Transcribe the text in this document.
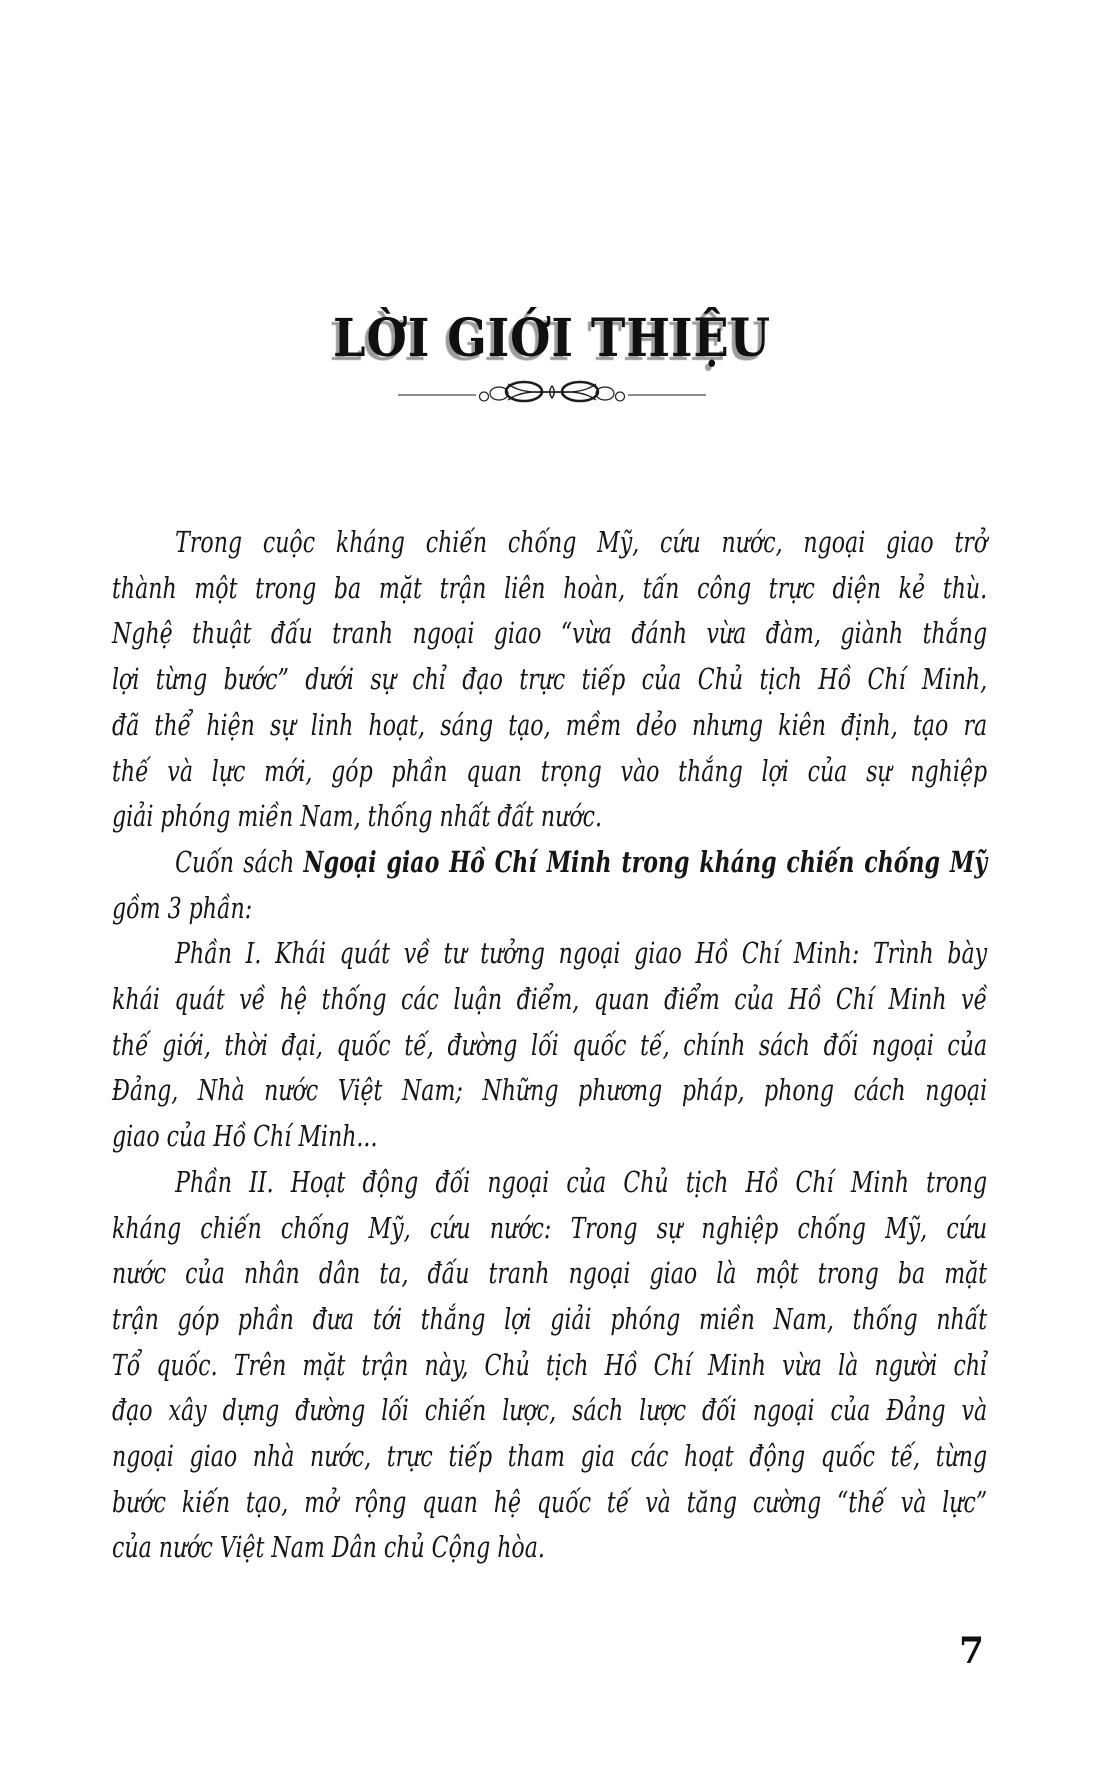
LỜI GIỚI THIỆU
Trong cuộc kháng chiến chống Mỹ, cứu nước, ngoại giao trở
thành một trong ba mặt trận liên hoàn, tấn công trực diện kẻ thù.
Nghệ thuật đấu tranh ngoại giao “vừa đánh vừa đàm, giành thắng
lợi từng bước” dưới sự chỉ đạo trực tiếp của Chủ tịch Hồ Chí Minh,
đã thể hiện sự linh hoạt, sáng tạo, mềm dẻo nhưng kiên định, tạo ra
thế và lực mới, góp phần quan trọng vào thắng lợi của sự nghiệp
giải phóng miền Nam, thống nhất đất nước.
Cuốn sách Ngoại giao Hồ Chí Minh trong kháng chiến chống Mỹ
gồm 3 phần:
Phần I. Khái quát về tư tưởng ngoại giao Hồ Chí Minh: Trình bày
khái quát về hệ thống các luận điểm, quan điểm của Hồ Chí Minh về
thế giới, thời đại, quốc tế, đường lối quốc tế, chính sách đối ngoại của
Đảng, Nhà nước Việt Nam; Những phương pháp, phong cách ngoại
giao của Hồ Chí Minh...
Phần II. Hoạt động đối ngoại của Chủ tịch Hồ Chí Minh trong
kháng chiến chống Mỹ, cứu nước: Trong sự nghiệp chống Mỹ, cứu
nước của nhân dân ta, đấu tranh ngoại giao là một trong ba mặt
trận góp phần đưa tới thắng lợi giải phóng miền Nam, thống nhất
Tổ quốc. Trên mặt trận này, Chủ tịch Hồ Chí Minh vừa là người chỉ
đạo xây dựng đường lối chiến lược, sách lược đối ngoại của Đảng và
ngoại giao nhà nước, trực tiếp tham gia các hoạt động quốc tế, từng
bước kiến tạo, mở rộng quan hệ quốc tế và tăng cường “thế và lực”
của nước Việt Nam Dân chủ Cộng hòa.
7
